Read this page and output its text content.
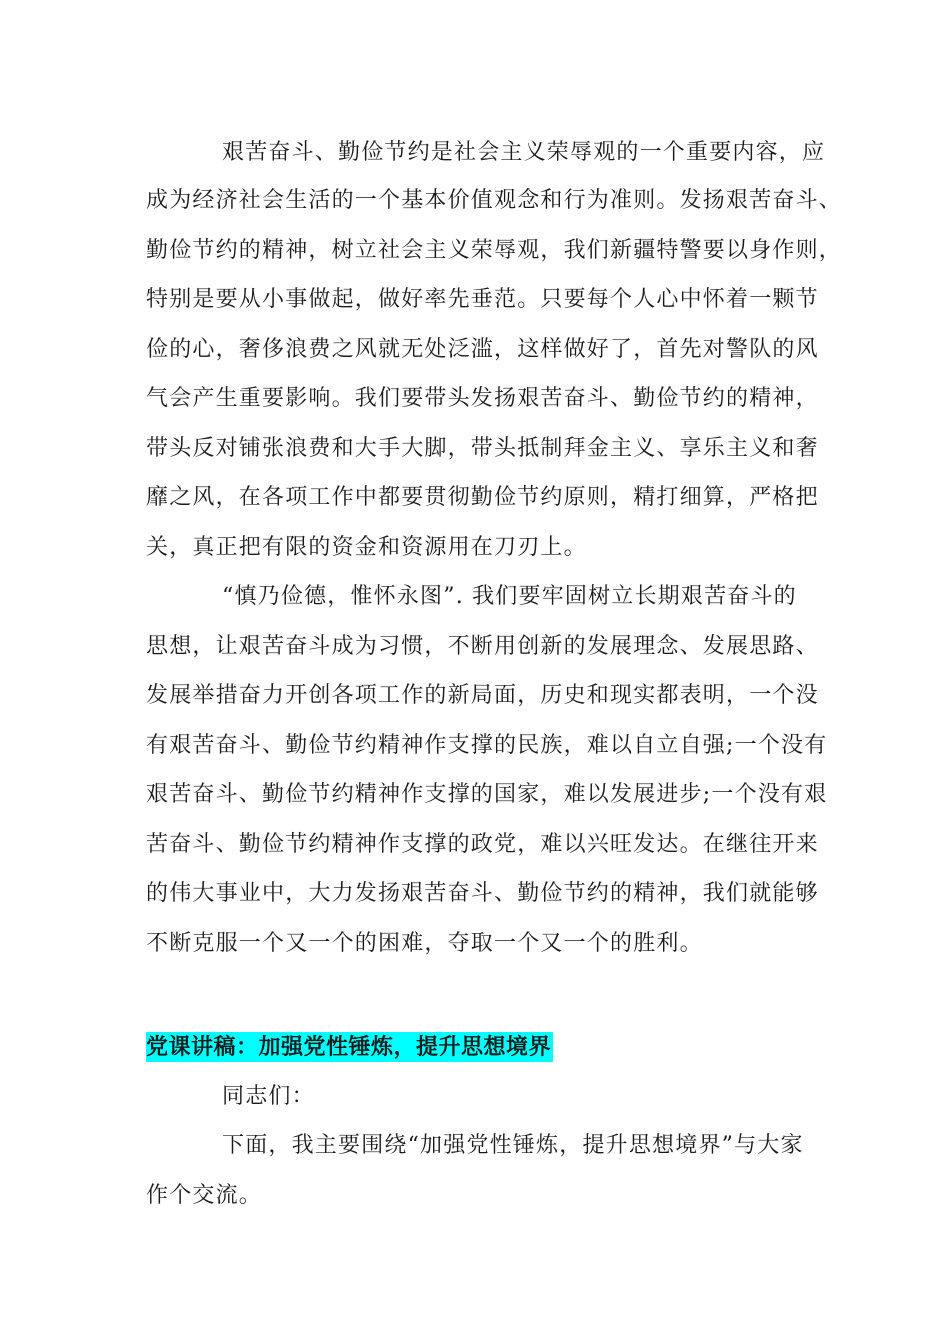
艰苦奋斗、勤俭节约是社会主义荣辱观的一个重要内容，应
成为经济社会生活的一个基本价值观念和行为准则。发扬艰苦奋斗、
勤俭节约的精神，树立社会主义荣辱观，我们新疆特警要以身作则，
特别是要从小事做起，做好率先垂范。只要每个人心中怀着一颗节
俭的心，奢侈浪费之风就无处泛滥，这样做好了，首先对警队的风
气会产生重要影响。我们要带头发扬艰苦奋斗、勤俭节约的精神，
带头反对铺张浪费和大手大脚，带头抵制拜金主义、享乐主义和奢
靡之风，在各项工作中都要贯彻勤俭节约原则，精打细算，严格把
关，真正把有限的资金和资源用在刀刃上。
“慎乃俭德，惟怀永图”. 我们要牢固树立长期艰苦奋斗的
思想，让艰苦奋斗成为习惯，不断用创新的发展理念、发展思路、
发展举措奋力开创各项工作的新局面，历史和现实都表明，一个没
有艰苦奋斗、勤俭节约精神作支撑的民族，难以自立自强;一个没有
艰苦奋斗、勤俭节约精神作支撑的国家，难以发展进步;一个没有艰
苦奋斗、勤俭节约精神作支撑的政党，难以兴旺发达。在继往开来
的伟大事业中，大力发扬艰苦奋斗、勤俭节约的精神，我们就能够
不断克服一个又一个的困难，夺取一个又一个的胜利。
党课讲稿：加强党性锤炼，提升思想境界
同志们：
下面，我主要围绕“加强党性锤炼，提升思想境界”与大家
作个交流。
